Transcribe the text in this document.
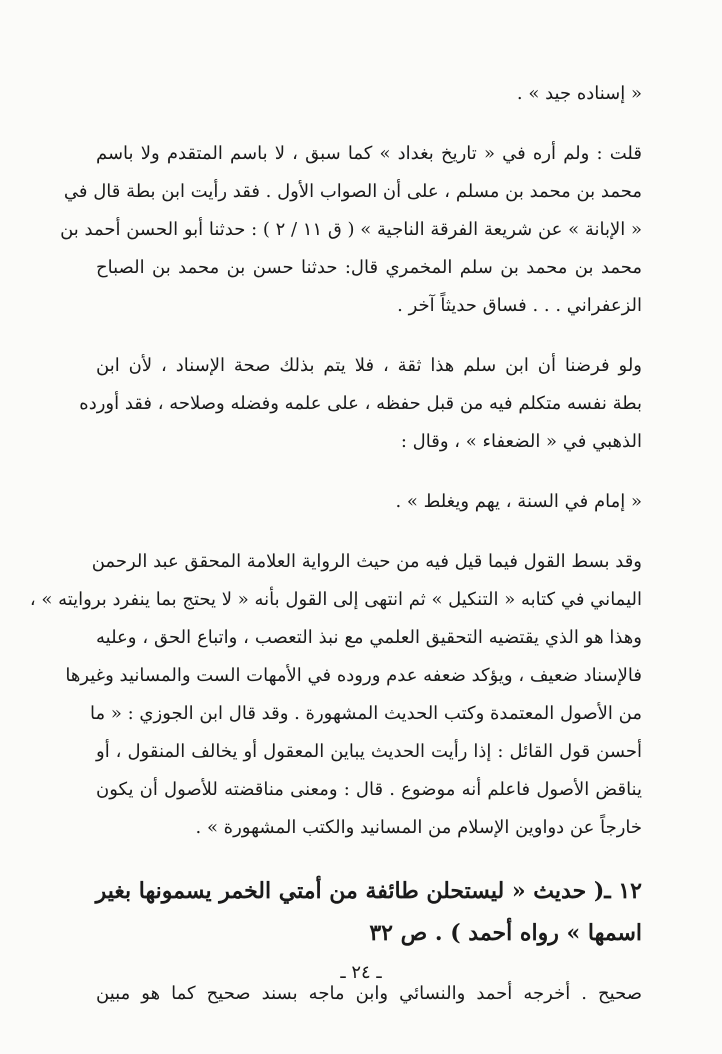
« إسناده جيد » .
قلت : ولم أره في « تاريخ بغداد » كما سبق ، لا باسم المتقدم ولا باسم
محمد بن محمد بن مسلم ، على أن الصواب الأول . فقد رأيت ابن بطة قال في
« الإبانة » عن شريعة الفرقة الناجية » ( ق ١١ / ٢ ) : حدثنا أبو الحسن أحمد بن
محمد بن محمد بن سلم المخمري قال: حدثنا حسن بن محمد بن الصباح
الزعفراني . . . فساق حديثاً آخر .
ولو فرضنا أن ابن سلم هذا ثقة ، فلا يتم بذلك صحة الإسناد ، لأن ابن
بطة نفسه متكلم فيه من قبل حفظه ، على علمه وفضله وصلاحه ، فقد أورده
الذهبي في « الضعفاء » ، وقال :
« إمام في السنة ، يهم ويغلط » .
وقد بسط القول فيما قيل فيه من حيث الرواية العلامة المحقق عبد الرحمن
اليماني في كتابه « التنكيل » ثم انتهى إلى القول بأنه « لا يحتج بما ينفرد بروايته » ،
وهذا هو الذي يقتضيه التحقيق العلمي مع نبذ التعصب ، واتباع الحق ، وعليه
فالإسناد ضعيف ، ويؤكد ضعفه عدم وروده في الأمهات الست والمسانيد وغيرها
من الأصول المعتمدة وكتب الحديث المشهورة . وقد قال ابن الجوزي : « ما
أحسن قول القائل : إذا رأيت الحديث يباين المعقول أو يخالف المنقول ، أو
يناقض الأصول فاعلم أنه موضوع . قال : ومعنى مناقضته للأصول أن يكون
خارجاً عن دواوين الإسلام من المسانيد والكتب المشهورة » .
١٢ ـ( حديث « ليستحلن طائفة من أمتي الخمر يسمونها بغير
اسمها » رواه أحمد ) . ص ٣٢
صحيح . أخرجه أحمد والنسائي وابن ماجه بسند صحيح كما هو مبين
ـ ٢٤ ـ
